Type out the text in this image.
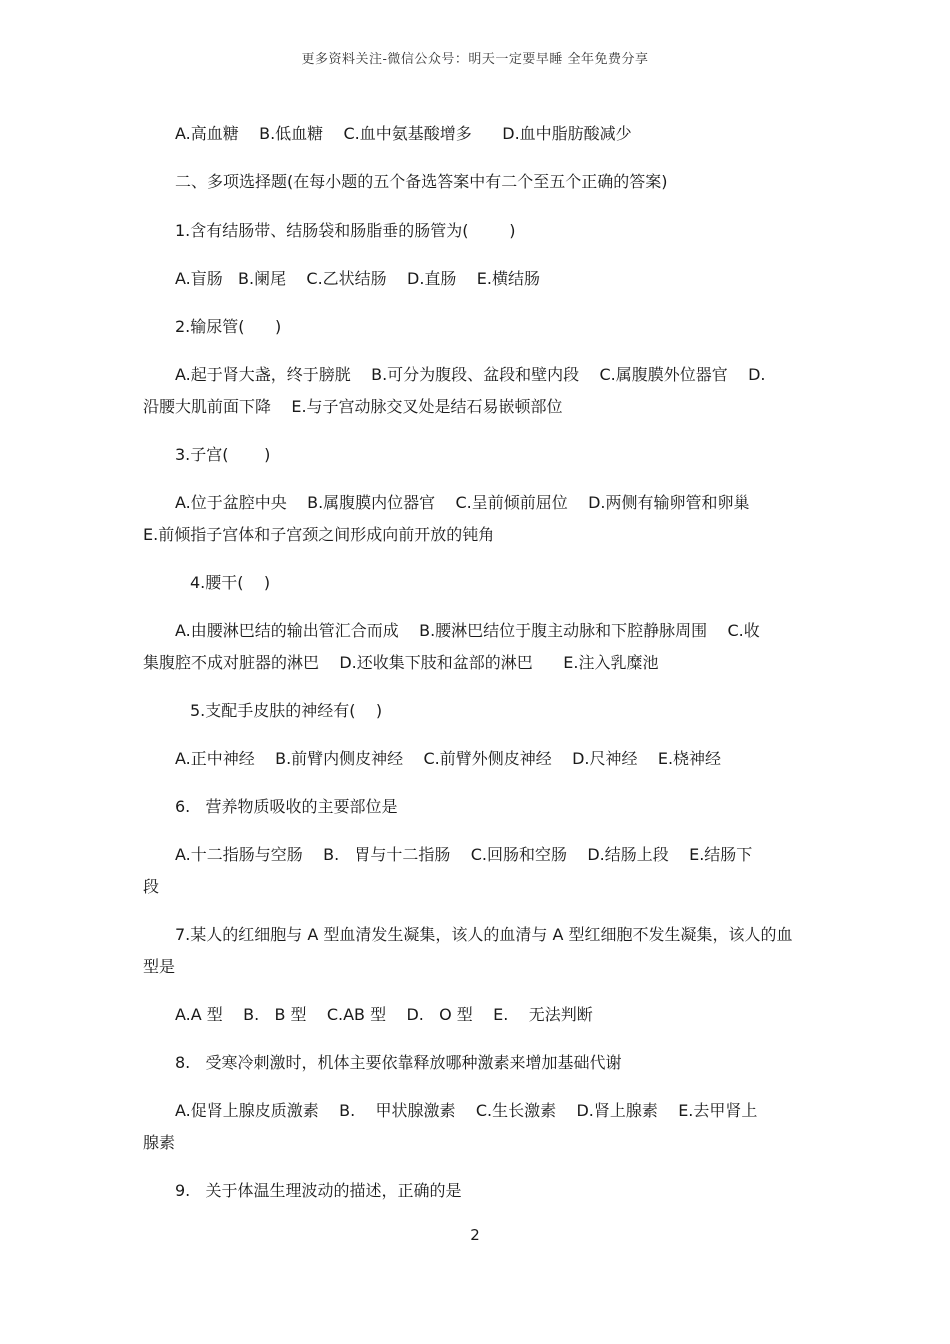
更多资料关注-微信公众号：明天一定要早睡 全年免费分享
A.高血糖    B.低血糖    C.血中氨基酸增多      D.血中脂肪酸减少
二、多项选择题(在每小题的五个备选答案中有二个至五个正确的答案)
1.含有结肠带、结肠袋和肠脂垂的肠管为(        )
A.盲肠   B.阑尾    C.乙状结肠    D.直肠    E.横结肠
2.输尿管(      )
A.起于肾大盏，终于膀胱    B.可分为腹段、盆段和壁内段    C.属腹膜外位器官    D.
沿腰大肌前面下降    E.与子宫动脉交叉处是结石易嵌顿部位
3.子宫(       )
A.位于盆腔中央    B.属腹膜内位器官    C.呈前倾前屈位    D.两侧有输卵管和卵巢
E.前倾指子宫体和子宫颈之间形成向前开放的钝角
4.腰干(    )
A.由腰淋巴结的输出管汇合而成    B.腰淋巴结位于腹主动脉和下腔静脉周围    C.收
集腹腔不成对脏器的淋巴    D.还收集下肢和盆部的淋巴      E.注入乳糜池
5.支配手皮肤的神经有(    )
A.正中神经    B.前臂内侧皮神经    C.前臂外侧皮神经    D.尺神经    E.桡神经
6.   营养物质吸收的主要部位是
A.十二指肠与空肠    B.   胃与十二指肠    C.回肠和空肠    D.结肠上段    E.结肠下
段
7.某人的红细胞与 A 型血清发生凝集，该人的血清与 A 型红细胞不发生凝集，该人的血
型是
A.A 型    B.   B 型    C.AB 型    D.   O 型    E.    无法判断
8.   受寒冷刺激时，机体主要依靠释放哪种激素来增加基础代谢
A.促肾上腺皮质激素    B.    甲状腺激素    C.生长激素    D.肾上腺素    E.去甲肾上
腺素
9.   关于体温生理波动的描述，正确的是
2
